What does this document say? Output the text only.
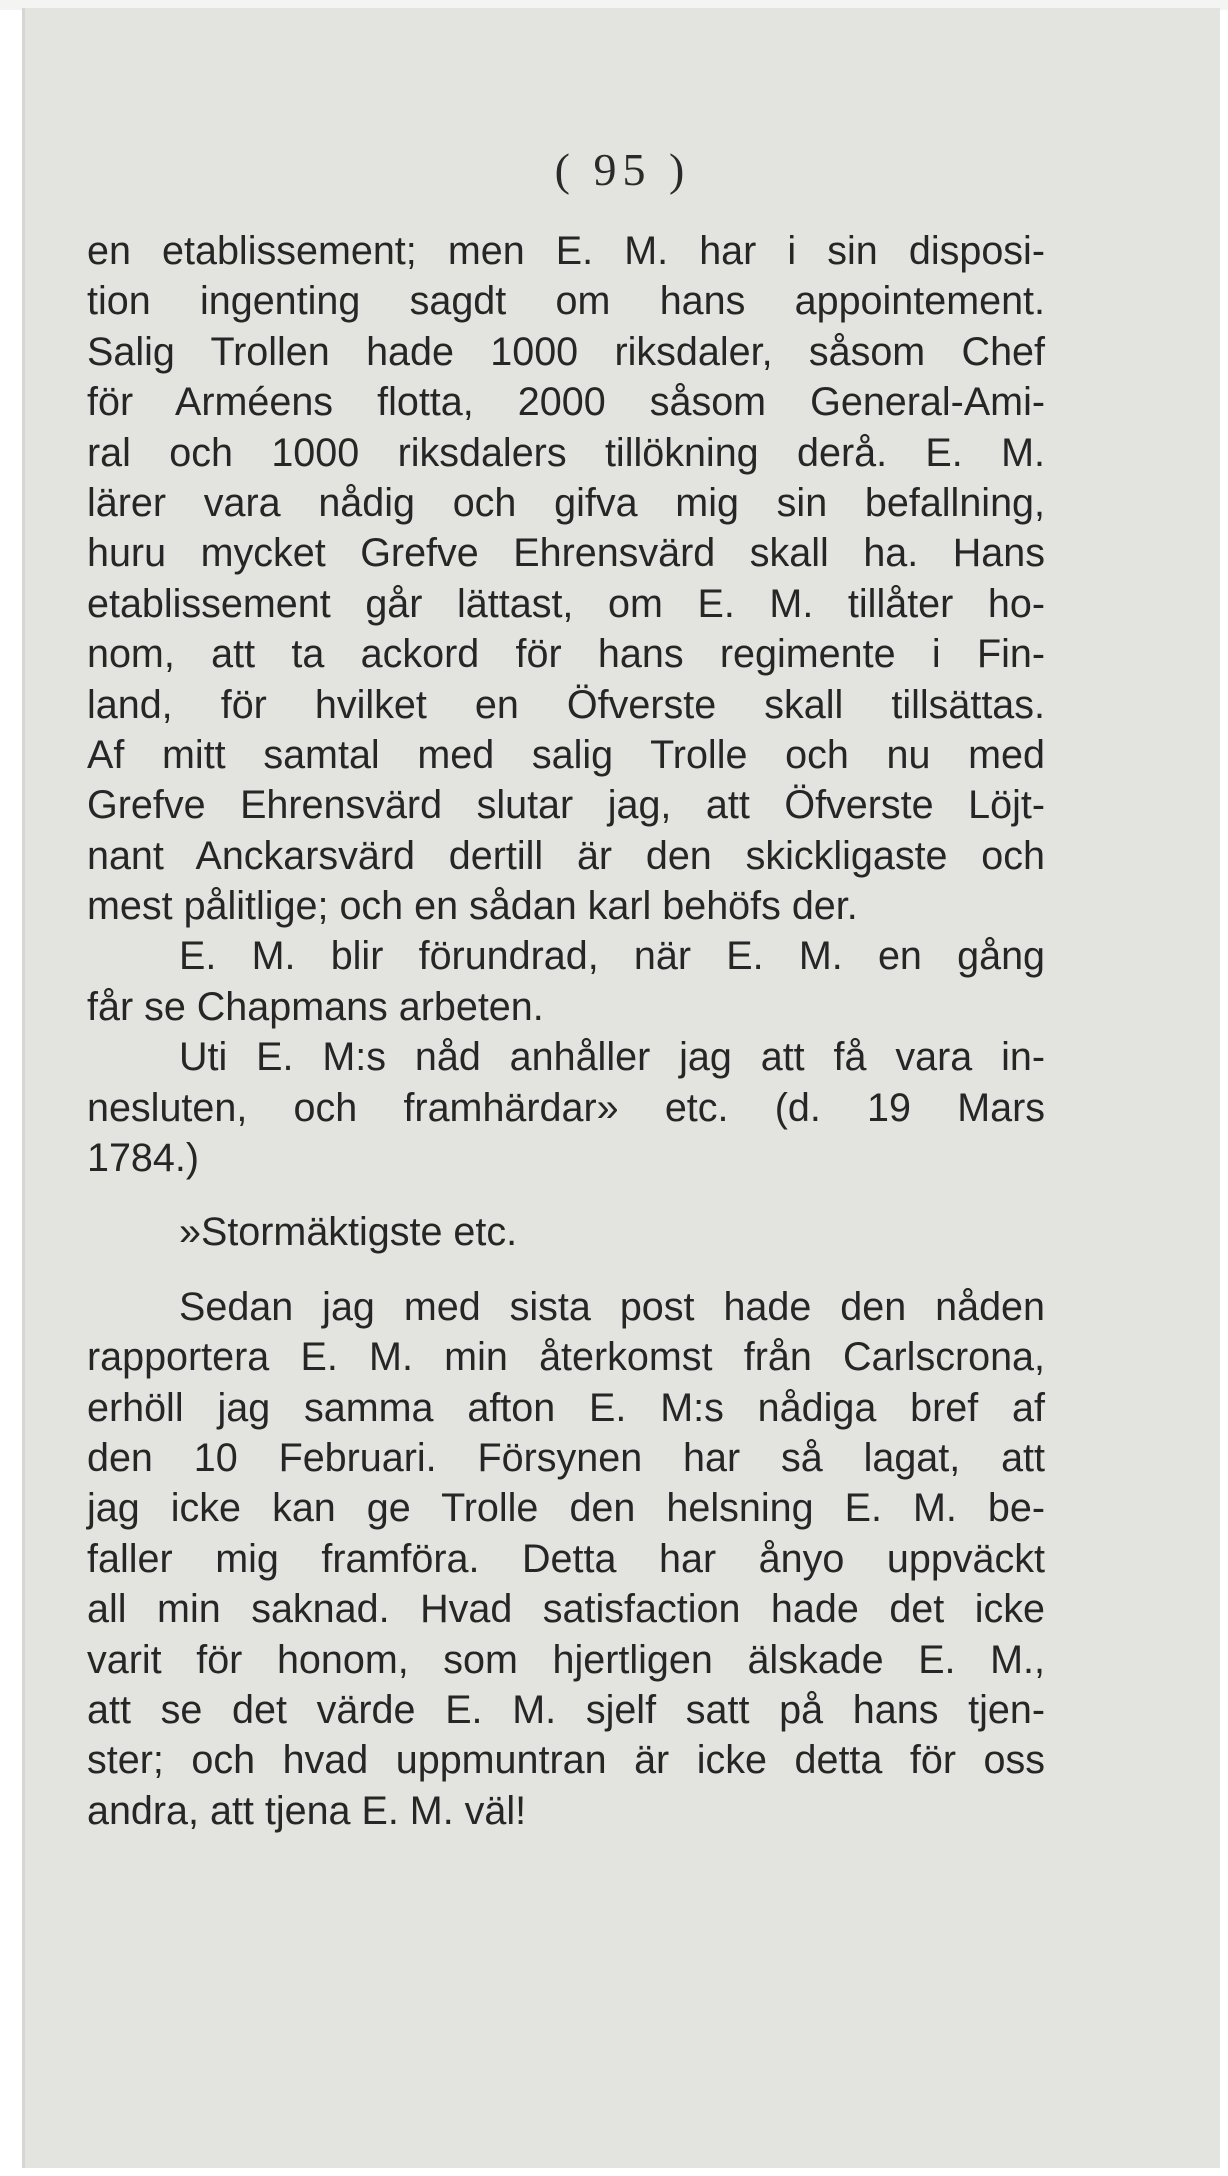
( 95 )
en etablissement; men E. M. har i sin disposi-
tion ingenting sagdt om hans appointement.
Salig Trollen hade 1000 riksdaler, såsom Chef
för Arméens flotta, 2000 såsom General-Ami-
ral och 1000 riksdalers tillökning derå. E. M.
lärer vara nådig och gifva mig sin befallning,
huru mycket Grefve Ehrensvärd skall ha. Hans
etablissement går lättast, om E. M. tillåter ho-
nom, att ta ackord för hans regimente i Fin-
land, för hvilket en Öfverste skall tillsättas.
Af mitt samtal med salig Trolle och nu med
Grefve Ehrensvärd slutar jag, att Öfverste Löjt-
nant Anckarsvärd dertill är den skickligaste och
mest pålitlige; och en sådan karl behöfs der.
E. M. blir förundrad, när E. M. en gång
får se Chapmans arbeten.
Uti E. M:s nåd anhåller jag att få vara in-
nesluten, och framhärdar» etc. (d. 19 Mars
1784.)
»Stormäktigste etc.
Sedan jag med sista post hade den nåden
rapportera E. M. min återkomst från Carlscrona,
erhöll jag samma afton E. M:s nådiga bref af
den 10 Februari. Försynen har så lagat, att
jag icke kan ge Trolle den helsning E. M. be-
faller mig framföra. Detta har ånyo uppväckt
all min saknad. Hvad satisfaction hade det icke
varit för honom, som hjertligen älskade E. M.,
att se det värde E. M. sjelf satt på hans tjen-
ster; och hvad uppmuntran är icke detta för oss
andra, att tjena E. M. väl!
